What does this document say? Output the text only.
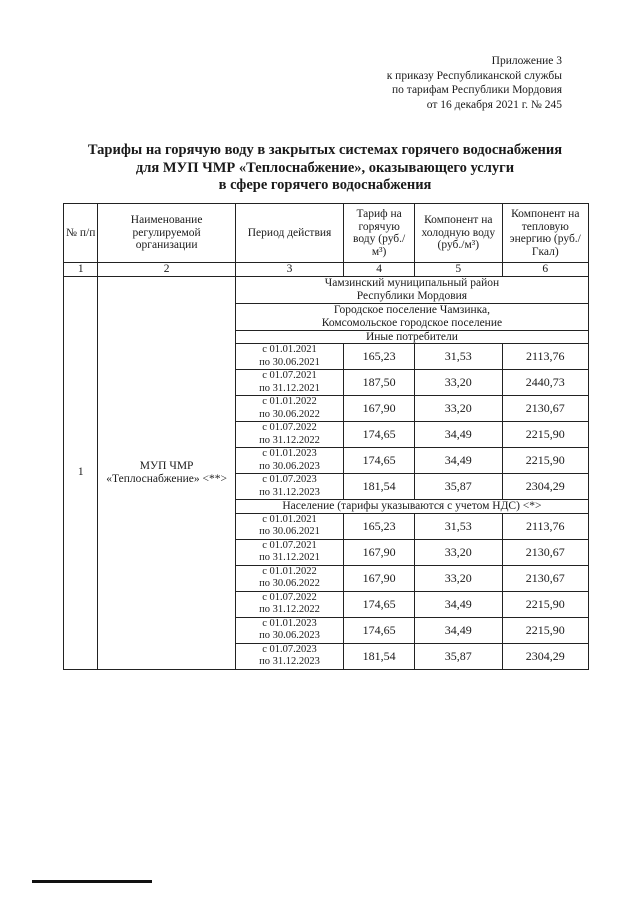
Приложение 3
к приказу Республиканской службы
по тарифам Республики Мордовия
от 16 декабря 2021 г. № 245
Тарифы на горячую воду в закрытых системах горячего водоснабжения
для МУП ЧМР «Теплоснабжение», оказывающего услуги
в сфере горячего водоснабжения
№ п/п	Наименование регулируемой организации	Период действия	Тариф на горячую воду (руб./м³)	Компонент на холодную воду (руб./м³)	Компонент на тепловую энергию (руб./Гкал)
1	2	3	4	5	6
1	МУП ЧМР «Теплоснабжение» <**>	Чамзинский муниципальный район
Республики Мордовия			

		Городское поселение Чамзинка,
Комсомольское городское поселение			

		Иные потребители			

		с 01.01.2021
по 30.06.2021	165,23	31,53	2113,76

		с 01.07.2021
по 31.12.2021	187,50	33,20	2440,73

		с 01.01.2022
по 30.06.2022	167,90	33,20	2130,67

		с 01.07.2022
по 31.12.2022	174,65	34,49	2215,90

		с 01.01.2023
по 30.06.2023	174,65	34,49	2215,90

		с 01.07.2023
по 31.12.2023	181,54	35,87	2304,29
		Население (тарифы указываются с учетом НДС) <*>			

		с 01.01.2021
по 30.06.2021	165,23	31,53	2113,76

		с 01.07.2021
по 31.12.2021	167,90	33,20	2130,67

		с 01.01.2022
по 30.06.2022	167,90	33,20	2130,67

		с 01.07.2022
по 31.12.2022	174,65	34,49	2215,90

		с 01.01.2023
по 30.06.2023	174,65	34,49	2215,90

		с 01.07.2023
по 31.12.2023	181,54	35,87	2304,29
